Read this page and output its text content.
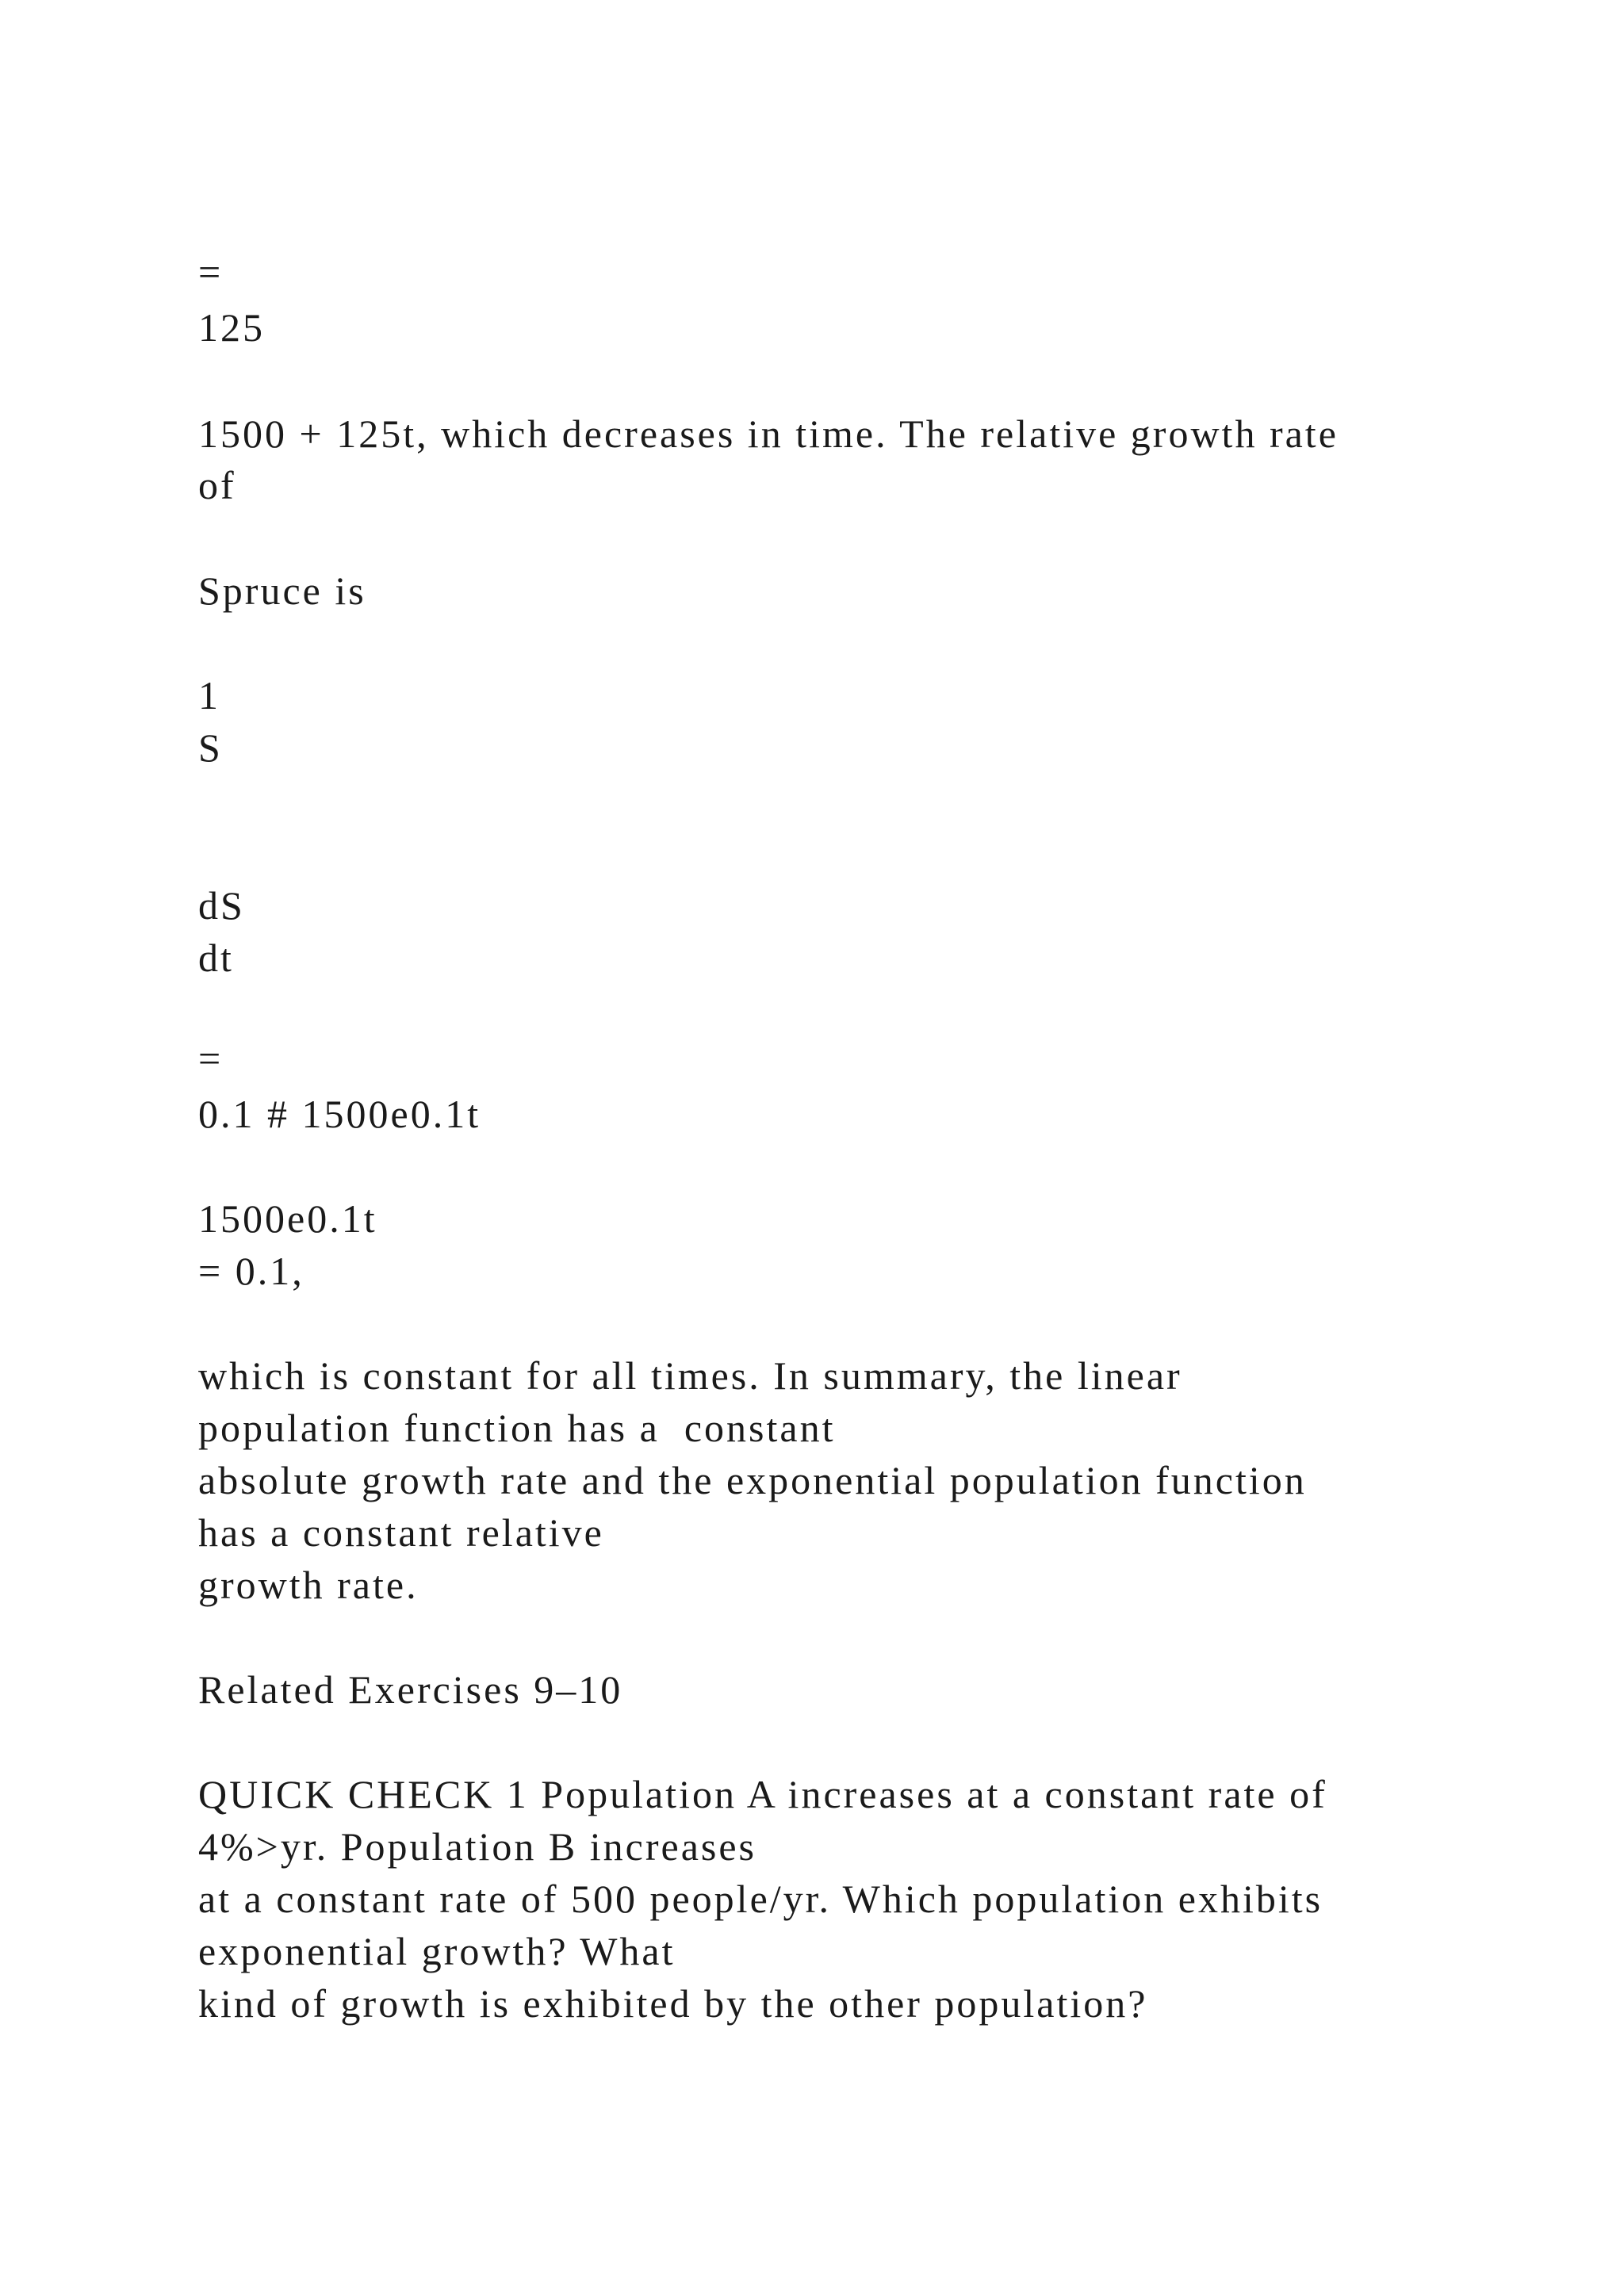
=

125

1500 + 125t, which decreases in time. The relative growth rate

of

Spruce is

1

S

dS

dt

=

0.1 # 1500e0.1t

1500e0.1t

= 0.1,

which is constant for all times. In summary, the linear

population function has a  constant

absolute growth rate and the exponential population function

has a constant relative

growth rate.

Related Exercises 9–10

QUICK CHECK 1 Population A increases at a constant rate of

4%>yr. Population B increases

at a constant rate of 500 people/yr. Which population exhibits

exponential growth? What

kind of growth is exhibited by the other population?
